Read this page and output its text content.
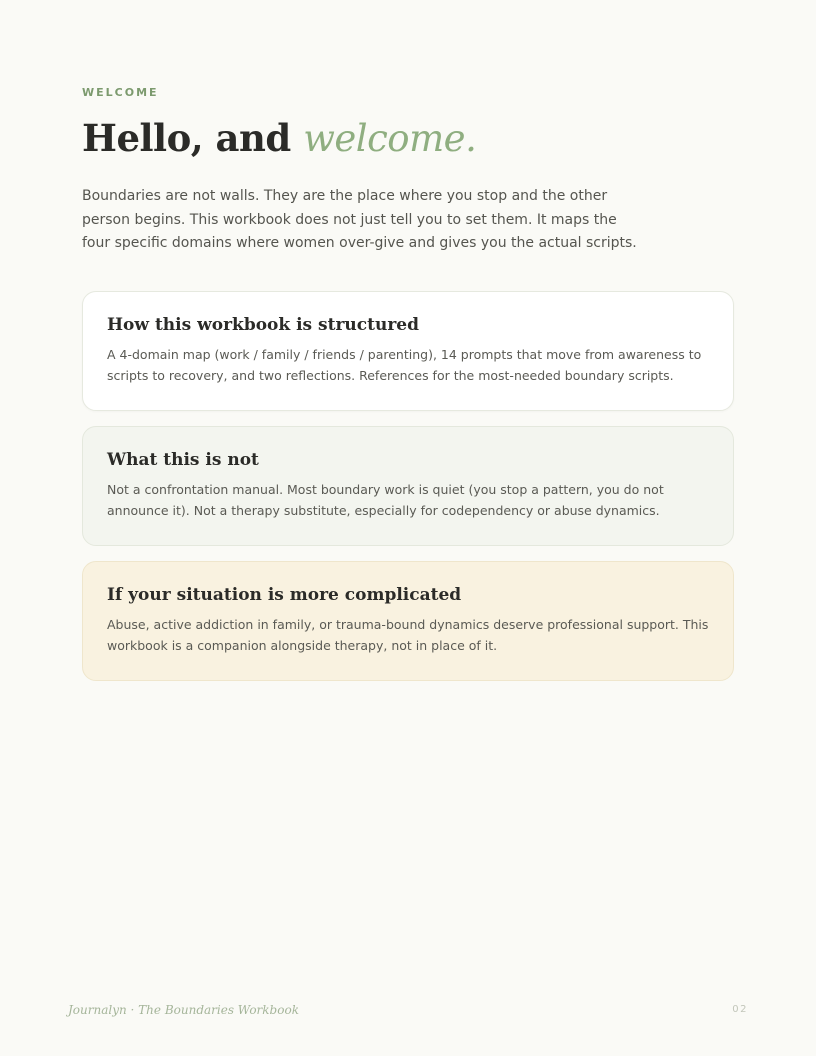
WELCOME
Hello, and welcome.

Boundaries are not walls. They are the place where you stop and the other person begins. This workbook does not just tell you to set them. It maps the four specific domains where women over-give and gives you the actual scripts.

How this workbook is structured

A 4-domain map (work / family / friends / parenting), 14 prompts that move from awareness to scripts to recovery, and two reflections. References for the most-needed boundary scripts.

What this is not

Not a confrontation manual. Most boundary work is quiet (you stop a pattern, you do not announce it). Not a therapy substitute, especially for codependency or abuse dynamics.

If your situation is more complicated

Abuse, active addiction in family, or trauma-bound dynamics deserve professional support. This workbook is a companion alongside therapy, not in place of it.

Journalyn · The Boundaries Workbook	02
